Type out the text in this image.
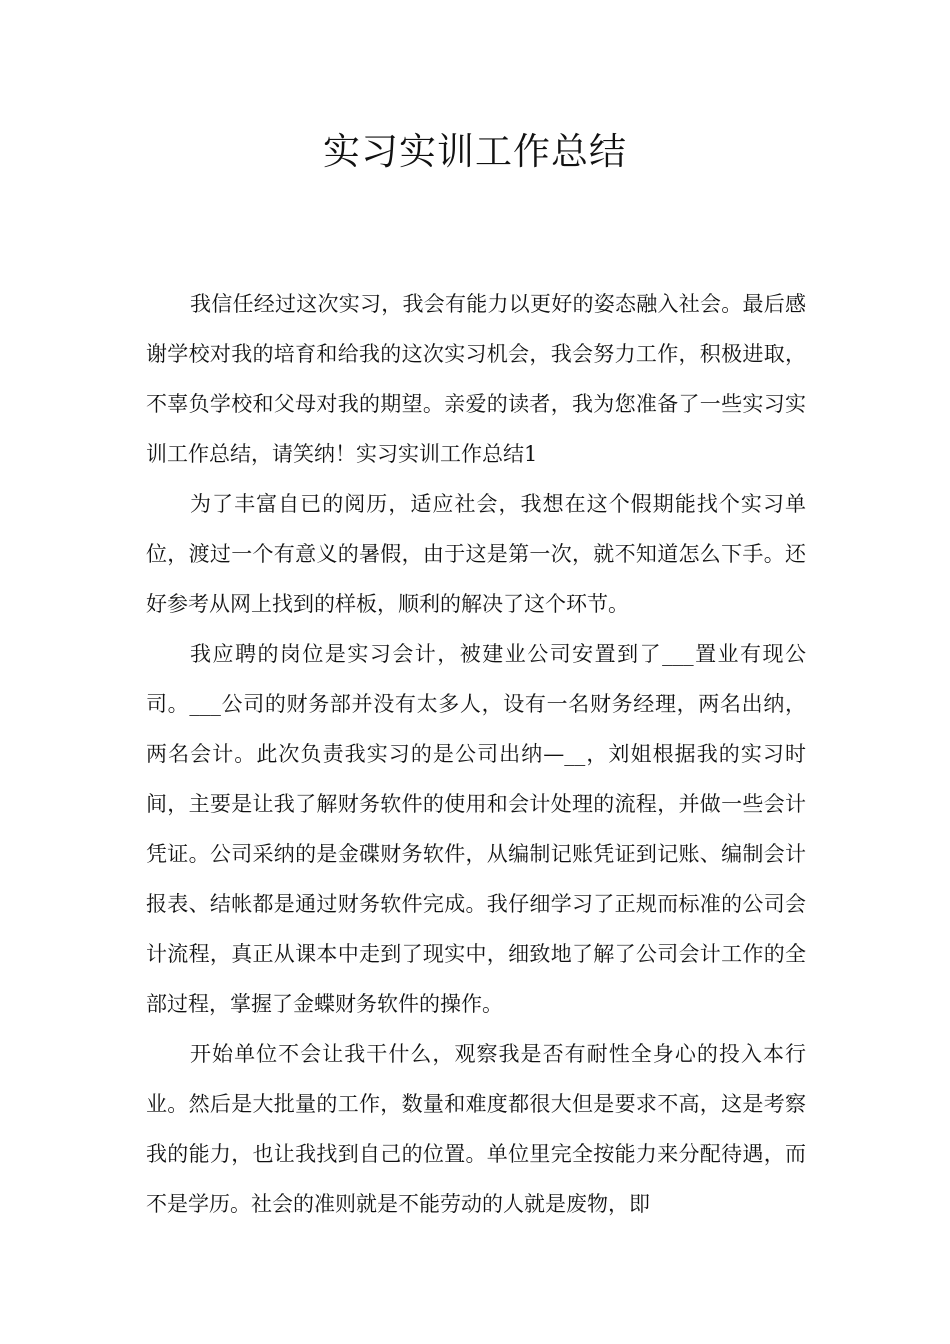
实习实训工作总结

我信任经过这次实习，我会有能力以更好的姿态融入社会。最后感谢学校对我的培育和给我的这次实习机会，我会努力工作，积极进取，不辜负学校和父母对我的期望。亲爱的读者，我为您准备了一些实习实训工作总结，请笑纳！实习实训工作总结1

为了丰富自已的阅历，适应社会，我想在这个假期能找个实习单位，渡过一个有意义的暑假，由于这是第一次，就不知道怎么下手。还好参考从网上找到的样板，顺利的解决了这个环节。

我应聘的岗位是实习会计，被建业公司安置到了___置业有现公司。___公司的财务部并没有太多人，设有一名财务经理，两名出纳，两名会计。此次负责我实习的是公司出纳—__，刘姐根据我的实习时间，主要是让我了解财务软件的使用和会计处理的流程，并做一些会计凭证。公司采纳的是金碟财务软件，从编制记账凭证到记账、编制会计报表、结帐都是通过财务软件完成。我仔细学习了正规而标准的公司会计流程，真正从课本中走到了现实中，细致地了解了公司会计工作的全部过程，掌握了金蝶财务软件的操作。

开始单位不会让我干什么，观察我是否有耐性全身心的投入本行业。然后是大批量的工作，数量和难度都很大但是要求不高，这是考察我的能力，也让我找到自己的位置。单位里完全按能力来分配待遇，而不是学历。社会的准则就是不能劳动的人就是废物，即
